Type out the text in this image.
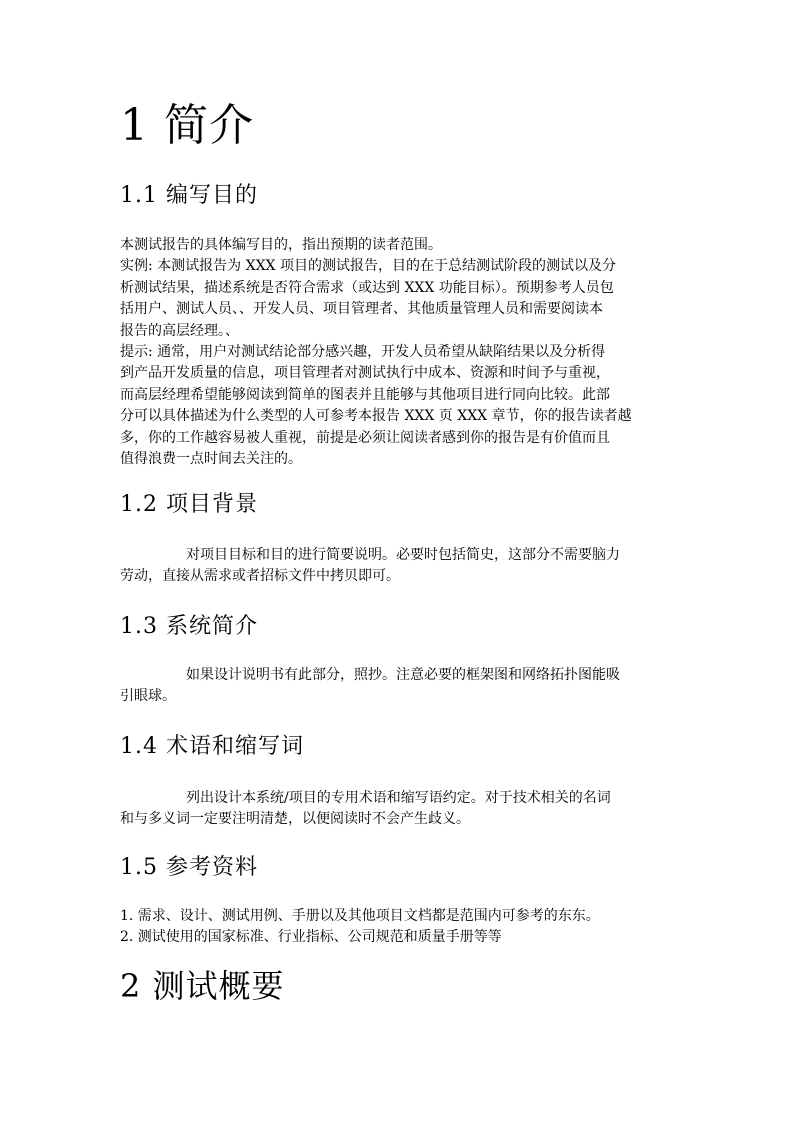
1 简介
1.1 编写目的
本测试报告的具体编写目的，指出预期的读者范围。
实例: 本测试报告为 XXX 项目的测试报告，目的在于总结测试阶段的测试以及分
析测试结果，描述系统是否符合需求（或达到 XXX 功能目标）。预期参考人员包
括用户、测试人员、、开发人员、项目管理者、其他质量管理人员和需要阅读本
报告的高层经理。、
提示: 通常，用户对测试结论部分感兴趣，开发人员希望从缺陷结果以及分析得
到产品开发质量的信息，项目管理者对测试执行中成本、资源和时间予与重视，
而高层经理希望能够阅读到简单的图表并且能够与其他项目进行同向比较。此部
分可以具体描述为什么类型的人可参考本报告 XXX 页 XXX 章节，你的报告读者越
多，你的工作越容易被人重视，前提是必须让阅读者感到你的报告是有价值而且
值得浪费一点时间去关注的。
1.2 项目背景
对项目目标和目的进行简要说明。必要时包括简史，这部分不需要脑力
劳动，直接从需求或者招标文件中拷贝即可。
1.3 系统简介
如果设计说明书有此部分，照抄。注意必要的框架图和网络拓扑图能吸
引眼球。
1.4 术语和缩写词
列出设计本系统/项目的专用术语和缩写语约定。对于技术相关的名词
和与多义词一定要注明清楚，以便阅读时不会产生歧义。
1.5 参考资料
1. 需求、设计、测试用例、手册以及其他项目文档都是范围内可参考的东东。
2. 测试使用的国家标准、行业指标、公司规范和质量手册等等
2 测试概要
